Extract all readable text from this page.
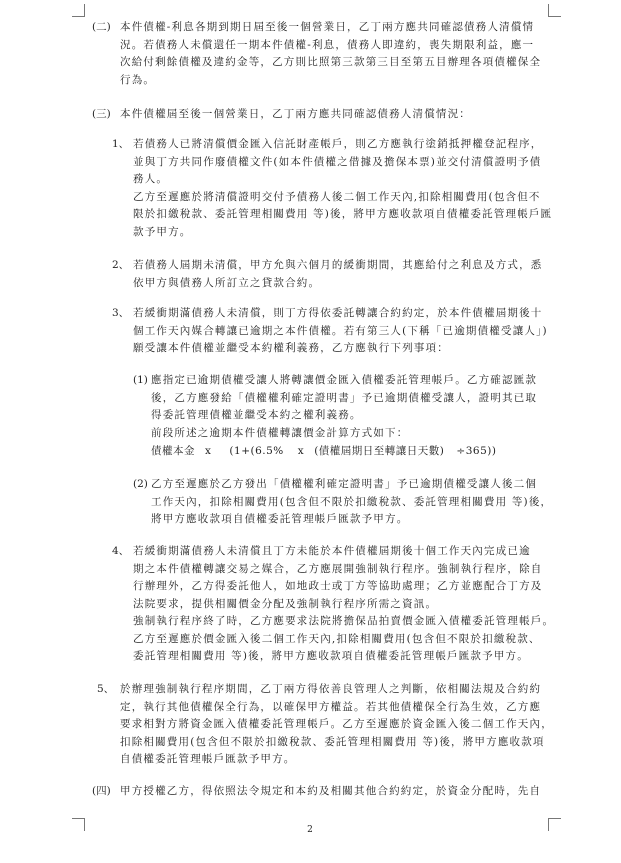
(二) 本件債權-利息各期到期日屆至後一個營業日，乙丁兩方應共同確認債務人清償情
況。若債務人未償還任一期本件債權-利息，債務人即違約，喪失期限利益，應一
次給付剩餘債權及違約金等，乙方則比照第三款第三目至第五目辦理各項債權保全
行為。
(三) 本件債權屆至後一個營業日，乙丁兩方應共同確認債務人清償情況：
1、 若債務人已將清償價金匯入信託財產帳戶，則乙方應執行塗銷抵押權登記程序，
並與丁方共同作廢債權文件(如本件債權之借據及擔保本票)並交付清償證明予債
務人。
乙方至遲應於將清償證明交付予債務人後二個工作天內,扣除相關費用(包含但不
限於扣繳稅款、委託管理相關費用 等)後，將甲方應收款項自債權委託管理帳戶匯
款予甲方。
2、 若債務人屆期未清償，甲方允與六個月的緩衝期間，其應給付之利息及方式，悉
依甲方與債務人所訂立之貸款合約。
3、 若緩衝期滿債務人未清償，則丁方得依委託轉讓合約約定，於本件債權屆期後十
個工作天內媒合轉讓已逾期之本件債權。若有第三人(下稱「已逾期債權受讓人」)
願受讓本件債權並繼受本約權利義務，乙方應執行下列事項：
(1) 應指定已逾期債權受讓人將轉讓價金匯入債權委託管理帳戶。乙方確認匯款
後，乙方應發給「債權權利確定證明書」予已逾期債權受讓人，證明其已取
得委託管理債權並繼受本約之權利義務。
前段所述之逾期本件債權轉讓價金計算方式如下：
債權本金 x (1+(6.5% x (債權屆期日至轉讓日天數) ÷365))
(2) 乙方至遲應於乙方發出「債權權利確定證明書」予已逾期債權受讓人後二個
工作天內，扣除相關費用(包含但不限於扣繳稅款、委託管理相關費用 等)後，
將甲方應收款項自債權委託管理帳戶匯款予甲方。
4、 若緩衝期滿債務人未清償且丁方未能於本件債權屆期後十個工作天內完成已逾
期之本件債權轉讓交易之媒合，乙方應展開強制執行程序。強制執行程序，除自
行辦理外，乙方得委託他人，如地政士或丁方等協助處理；乙方並應配合丁方及
法院要求，提供相關價金分配及強制執行程序所需之資訊。
強制執行程序終了時，乙方應要求法院將擔保品拍賣價金匯入債權委託管理帳戶。
乙方至遲應於價金匯入後二個工作天內,扣除相關費用(包含但不限於扣繳稅款、
委託管理相關費用 等)後，將甲方應收款項自債權委託管理帳戶匯款予甲方。
5、 於辦理強制執行程序期間，乙丁兩方得依善良管理人之判斷，依相關法規及合約約
定，執行其他債權保全行為，以確保甲方權益。若其他債權保全行為生效，乙方應
要求相對方將資金匯入債權委託管理帳戶。乙方至遲應於資金匯入後二個工作天內，
扣除相關費用(包含但不限於扣繳稅款、委託管理相關費用 等)後，將甲方應收款項
自債權委託管理帳戶匯款予甲方。
(四) 甲方授權乙方，得依照法令規定和本約及相關其他合約約定，於資金分配時，先自
2
